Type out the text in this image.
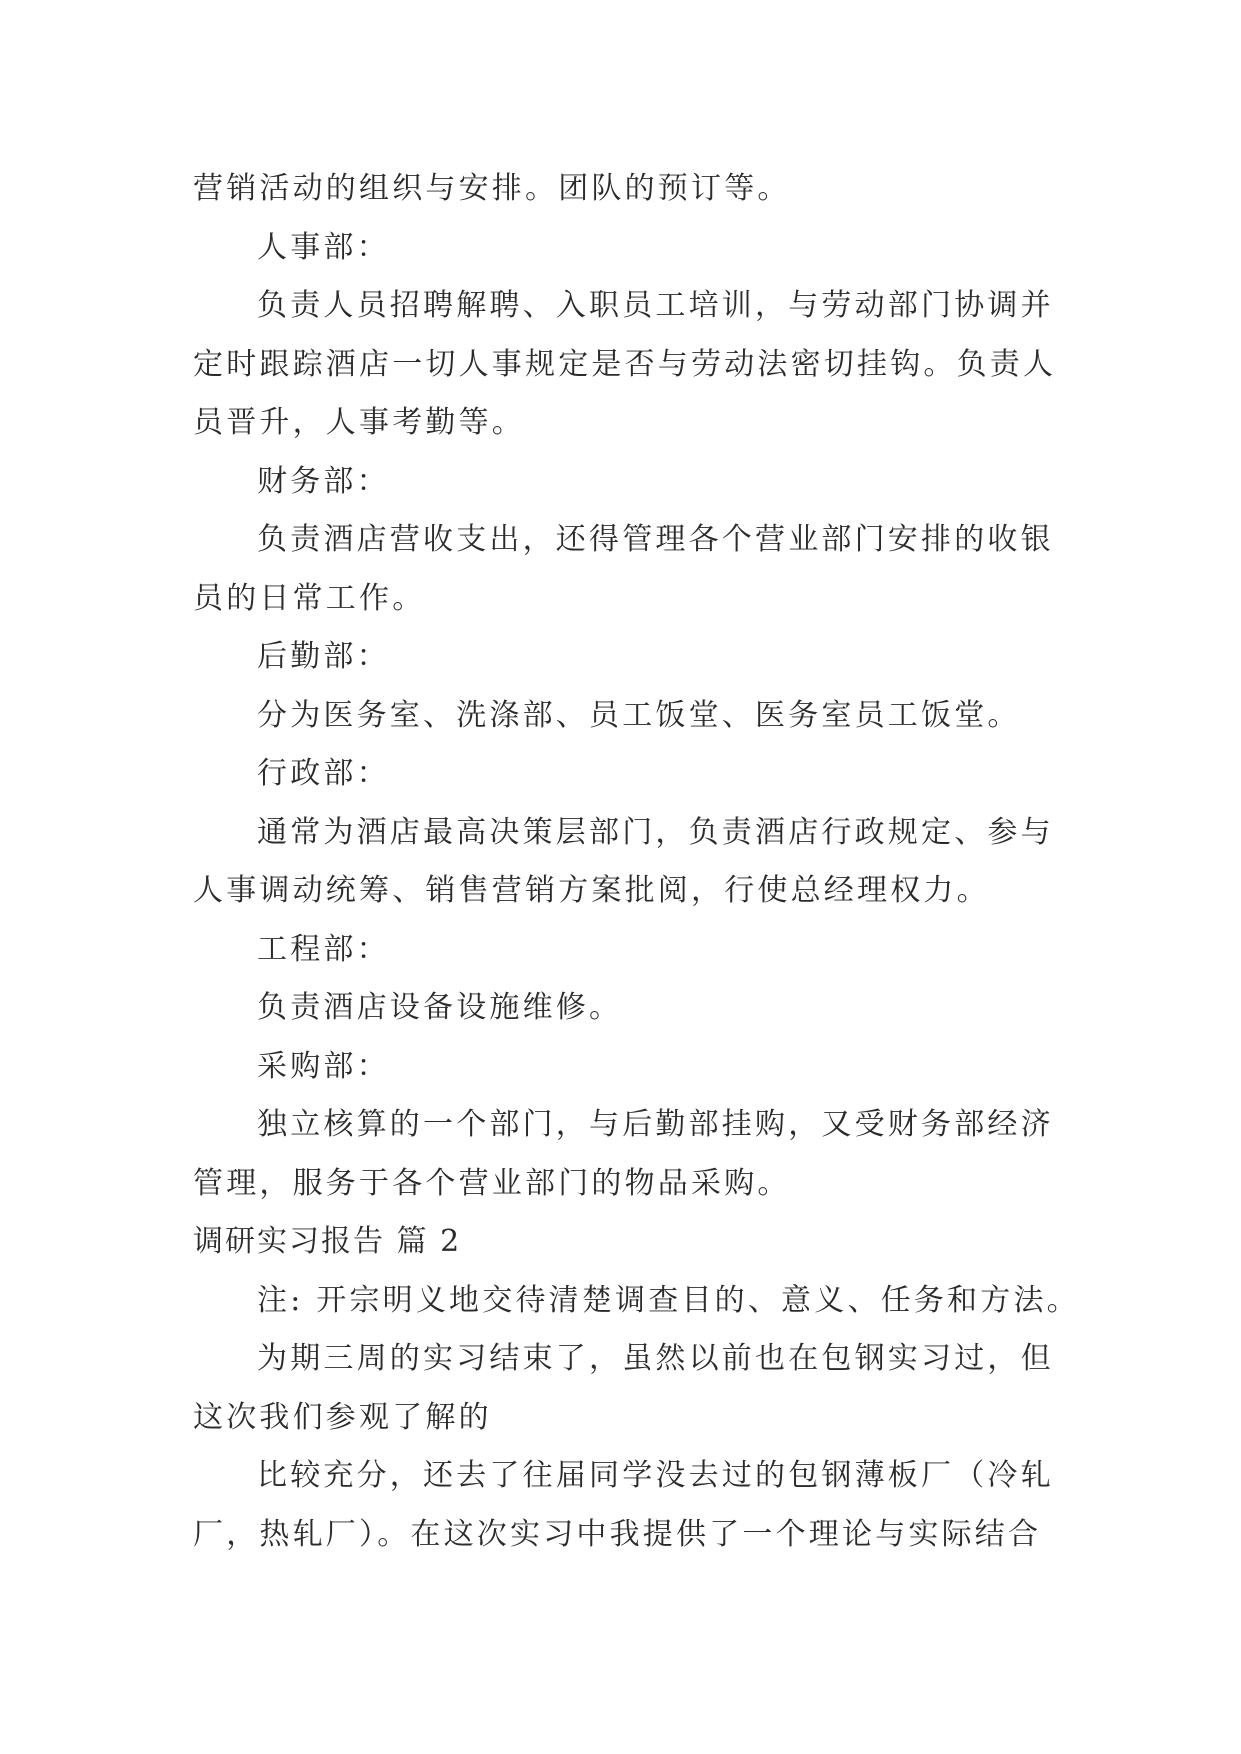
营销活动的组织与安排。团队的预订等。
人事部：
负责人员招聘解聘、入职员工培训，与劳动部门协调并
定时跟踪酒店一切人事规定是否与劳动法密切挂钩。负责人
员晋升，人事考勤等。
财务部：
负责酒店营收支出，还得管理各个营业部门安排的收银
员的日常工作。
后勤部：
分为医务室、洗涤部、员工饭堂、医务室员工饭堂。
行政部：
通常为酒店最高决策层部门，负责酒店行政规定、参与
人事调动统筹、销售营销方案批阅，行使总经理权力。
工程部：
负责酒店设备设施维修。
采购部：
独立核算的一个部门，与后勤部挂购，又受财务部经济
管理，服务于各个营业部门的物品采购。
调研实习报告 篇 2
注: 开宗明义地交待清楚调查目的、意义、任务和方法。
为期三周的实习结束了，虽然以前也在包钢实习过，但
这次我们参观了解的
比较充分，还去了往届同学没去过的包钢薄板厂（冷轧
厂，热轧厂）。在这次实习中我提供了一个理论与实际结合
